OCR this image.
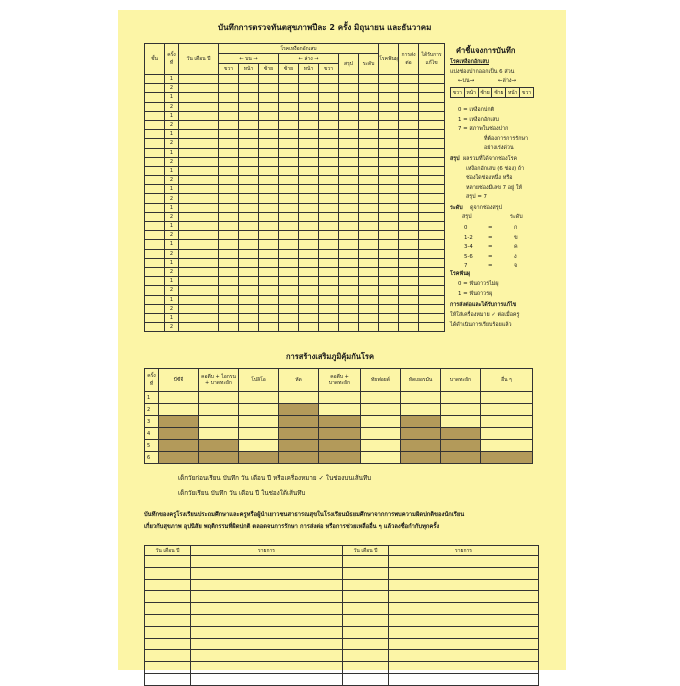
บันทึกการตรวจทันตสุขภาพปีละ 2 ครั้ง มิถุนายน และธันวาคม
ชั้น	ครั้ง ที่	วัน เดือน ปี	โรคเหงือกอักเสบ								โรคฟันผุ	การส่งต่อ	ได้รับการแก้ไข
			← บน →			← ล่าง →			สรุป	ระดับ			
			ขวา	หน้า	ซ้าย	ซ้าย	หน้า	ขวา					
	1												
	2												
	1												
	2												
	1												
	2												
	1												
	2												
	1												
	2												
	1												
	2												
	1												
	2												
	1												
	2												
	1												
	2												
	1												
	2												
	1												
	2												
	1												
	2												
	1												
	2												
	1												
	2												
คำชี้แจงการบันทึก
โรคเหงือกอักเสบ
แบ่งช่องปากออกเป็น 6 ส่วน
←บน→	←ล่าง→
ขวา	หน้า	ซ้าย	ซ้าย	หน้า	ขวา
0 = เหงือกปกติ
1 = เหงือกอักเสบ
7 = สภาพในช่องปาก
ที่ต้องการการรักษา
อย่างเร่งด่วน
สรุป ผลรวมที่ได้จากช่องโรค
เหงือกอักเสบ (6 ช่อง) ถ้า
ช่องใดช่องหนึ่ง หรือ
หลายช่องมีเลข 7 อยู่ ให้
สรุป = 7
ระดับ ดูจากช่องสรุป
สรุป	ระดับ
0	=	ก
1-2	=	ข
3-4	=	ค
5-6	=	ง
7	=	จ
โรคฟันผุ
0 = ฟันถาวรไม่ผุ
1 = ฟันถาวรผุ
การส่งต่อและได้รับการแก้ไข
ให้ใส่เครื่องหมาย ✓ ต่อเมื่อครู
ได้ดำเนินการเรียบร้อยแล้ว
การสร้างเสริมภูมิคุ้มกันโรค
ครั้ง ที่	บีซีจี	คอตีบ + ไอกรน + บาดทะยัก	โปลิโอ	หัด	คอตีบ + บาดทะยัก	ทัยฟอยด์	หัดเยอรมัน	บาดทะยัก	อื่น ๆ
1									
2									
3									
4									
5									
6									
เด็กวัยก่อนเรียน บันทึก วัน เดือน ปี หรือเครื่องหมาย ✓ ในช่องบนเส้นทึบ
เด็กวัยเรียน บันทึก วัน เดือน ปี ในช่องใต้เส้นทึบ
บันทึกของครูโรงเรียนประถมศึกษาและครูหรือผู้นำเยาวชนสาธารณสุขในโรงเรียนมัธยมศึกษาจากการพบความผิดปกติของนักเรียน
เกี่ยวกับสุขภาพ อุปนิสัย พฤติกรรมที่ผิดปกติ ตลอดจนการรักษา การส่งต่อ หรือการช่วยเหลืออื่น ๆ แล้วลงชื่อกำกับทุกครั้ง
วัน เดือน ปี	รายการ	วัน เดือน ปี	รายการ
